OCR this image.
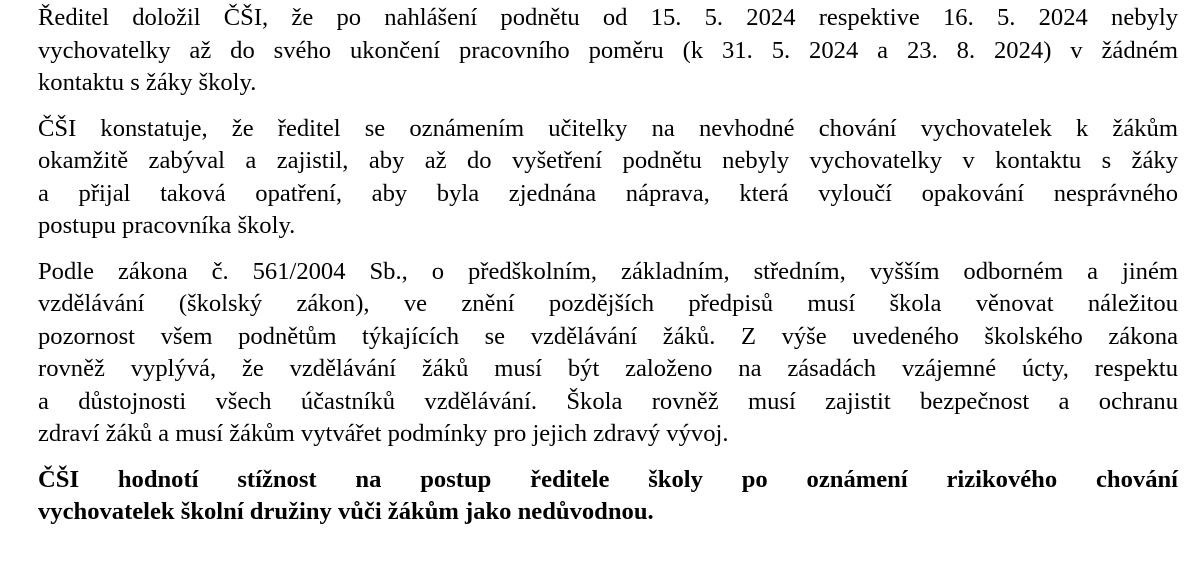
Ředitel doložil ČŠI, že po nahlášení podnětu od 15. 5. 2024 respektive 16. 5. 2024 nebyly
vychovatelky až do svého ukončení pracovního poměru (k 31. 5. 2024 a 23. 8. 2024) v žádném
kontaktu s žáky školy.

ČŠI konstatuje, že ředitel se oznámením učitelky na nevhodné chování vychovatelek k žákům
okamžitě zabýval a zajistil, aby až do vyšetření podnětu nebyly vychovatelky v kontaktu s žáky
a přijal taková opatření, aby byla zjednána náprava, která vyloučí opakování nesprávného
postupu pracovníka školy.

Podle zákona č. 561/2004 Sb., o předškolním, základním, středním, vyšším odborném a jiném
vzdělávání (školský zákon), ve znění pozdějších předpisů musí škola věnovat náležitou
pozornost všem podnětům týkajících se vzdělávání žáků. Z výše uvedeného školského zákona
rovněž vyplývá, že vzdělávání žáků musí být založeno na zásadách vzájemné úcty, respektu
a důstojnosti všech účastníků vzdělávání. Škola rovněž musí zajistit bezpečnost a ochranu
zdraví žáků a musí žákům vytvářet podmínky pro jejich zdravý vývoj.

ČŠI hodnotí stížnost na postup ředitele školy po oznámení rizikového chování
vychovatelek školní družiny vůči žákům jako nedůvodnou.
